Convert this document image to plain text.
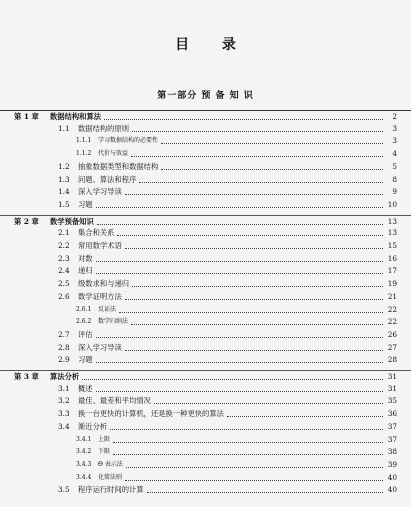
目 录
第一部分 预 备 知 识
第 1 章 数据结构和算法	2
1.1 数据结构的原则	3
1.1.1 学习数据结构的必要性	3
1.1.2 代价与效益	4
1.2 抽象数据类型和数据结构	5
1.3 问题、算法和程序	8
1.4 深入学习导读	9
1.5 习题	10
第 2 章 数学预备知识	13
2.1 集合和关系	13
2.2 常用数学术语	15
2.3 对数	16
2.4 递归	17
2.5 级数求和与递归	19
2.6 数学证明方法	21
2.6.1 反证法	22
2.6.2 数学归纳法	22
2.7 评估	26
2.8 深入学习导读	27
2.9 习题	28
第 3 章 算法分析	31
3.1 概述	31
3.2 最佳、最差和平均情况	35
3.3 换一台更快的计算机，还是换一种更快的算法	36
3.4 渐近分析	37
3.4.1 上限	37
3.4.2 下限	38
3.4.3 Θ 表示法	39
3.4.4 化简法则	40
3.5 程序运行时间的计算	40
